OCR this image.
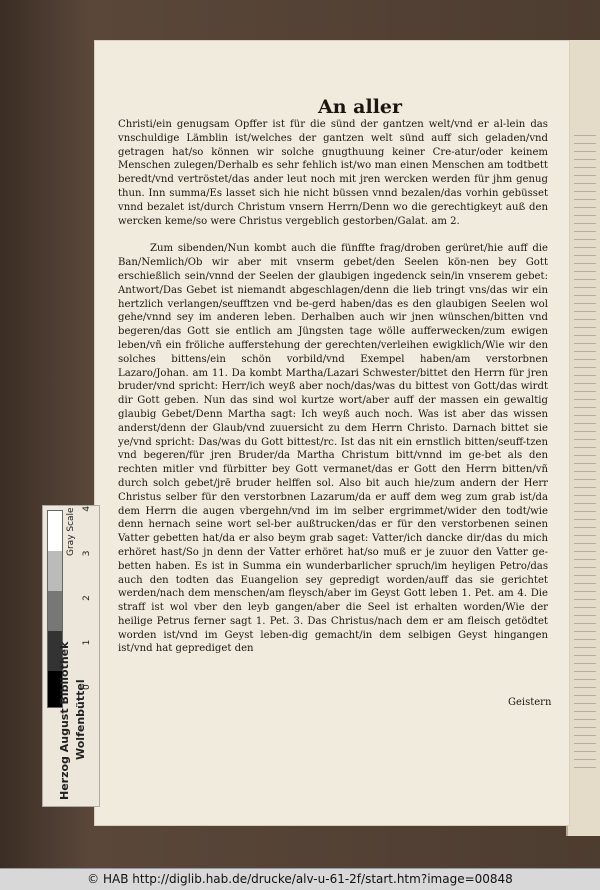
An aller

Christi/ein genugsam Opffer ist für die sünd der gantzen welt/vnd er al-lein das vnschuldige Lämblin ist/welches der gantzen welt sünd auff sich geladen/vnd getragen hat/so können wir solche gnugthuung keiner Cre-atur/oder keinem Menschen zulegen/Derhalb es sehr fehlich ist/wo man einen Menschen am todtbett beredt/vnd vertröstet/das ander leut noch mit jren wercken werden für jhm genug thun. Inn summa/Es lasset sich hie nicht büssen vnnd bezalen/das vorhin gebüsset vnnd bezalet ist/durch Christum vnsern Herrn/Denn wo die gerechtigkeyt auß den wercken keme/so were Christus vergeblich gestorben/Galat. am 2.

Zum sibenden/Nun kombt auch die fünffte frag/droben gerüret/hie auff die Ban/Nemlich/Ob wir aber mit vnserm gebet/den Seelen kön-nen bey Gott erschießlich sein/vnnd der Seelen der glaubigen ingedenck sein/in vnserem gebet: Antwort/Das Gebet ist niemandt abgeschlagen/denn die lieb tringt vns/das wir ein hertzlich verlangen/seufftzen vnd be-gerd haben/das es den glaubigen Seelen wol gehe/vnnd sey im anderen leben. Derhalben auch wir jnen wünschen/bitten vnd begeren/das Gott sie entlich am Jüngsten tage wölle aufferwecken/zum ewigen leben/vñ ein fröliche aufferstehung der gerechten/verleihen ewigklich/Wie wir den solches bittens/ein schön vorbild/vnd Exempel haben/am verstorbnen Lazaro/Johan. am 11. Da kombt Martha/Lazari Schwester/bittet den Herrn für jren bruder/vnd spricht: Herr/ich weyß aber noch/das/was du bittest von Gott/das wirdt dir Gott geben. Nun das sind wol kurtze wort/aber auff der massen ein gewaltig glaubig Gebet/Denn Martha sagt: Ich weyß auch noch. Was ist aber das wissen anderst/denn der Glaub/vnd zuuersicht zu dem Herrn Christo. Darnach bittet sie ye/vnd spricht: Das/was du Gott bittest/rc. Ist das nit ein ernstlich bitten/seuff-tzen vnd begeren/für jren Bruder/da Martha Christum bitt/vnnd im ge-bet als den rechten mitler vnd fürbitter bey Gott vermanet/das er Gott den Herrn bitten/vñ durch solch gebet/jrē bruder helffen sol. Also bit auch hie/zum andern der Herr Christus selber für den verstorbnen Lazarum/da er auff dem weg zum grab ist/da dem Herrn die augen vbergehn/vnd im im selber ergrimmet/wider den todt/wie denn hernach seine wort sel-ber außtrucken/das er für den verstorbenen seinen Vatter gebetten hat/da er also beym grab saget: Vatter/ich dancke dir/das du mich erhöret hast/So jn denn der Vatter erhöret hat/so muß er je zuuor den Vatter ge-betten haben. Es ist in Summa ein wunderbarlicher spruch/im heyligen Petro/das auch den todten das Euangelion sey gepredigt worden/auff das sie gerichtet werden/nach dem menschen/am fleysch/aber im Geyst Gott leben 1. Pet. am 4. Die straff ist wol vber den leyb gangen/aber die Seel ist erhalten worden/Wie der heilige Petrus ferner sagt 1. Pet. 3. Das Christus/nach dem er am fleisch getödtet worden ist/vnd im Geyst leben-dig gemacht/in dem selbigen Geyst hingangen ist/vnd hat geprediget den

Geistern
Gray Scale 0 1 2 3 4
Herzog August Bibliothek Wolfenbüttel
© HAB http://diglib.hab.de/drucke/alv-u-61-2f/start.htm?image=00848
